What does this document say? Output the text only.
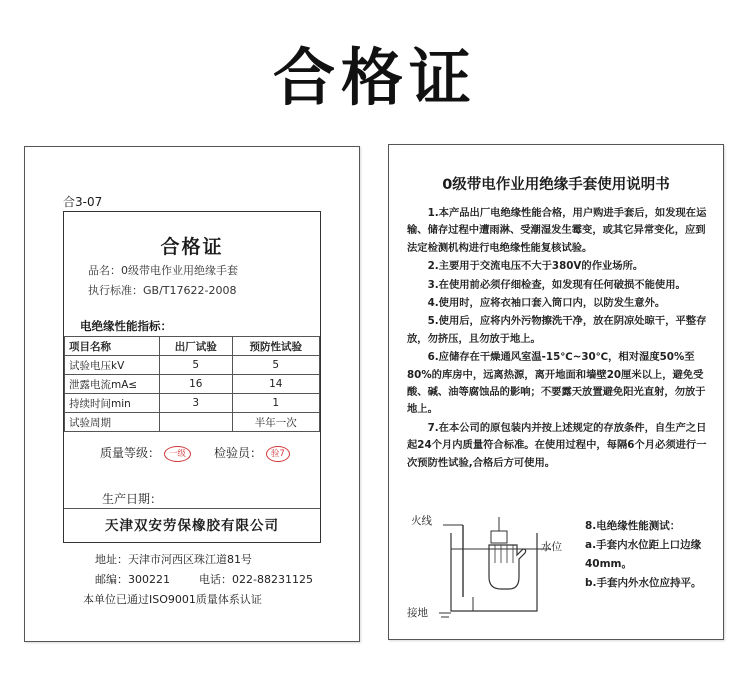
合格证
合3-07
合格证
品名：0级带电作业用绝缘手套
执行标准：GB/T17622-2008
电绝缘性能指标：
项目名称	出厂试验	预防性试验
试验电压kV	5	5
泄露电流mA≤	16	14
持续时间min	3	1
试验周期		半年一次
质量等级： 一级	检验员： 验7
生产日期：
天津双安劳保橡胶有限公司
地址：天津市河西区珠江道81号
邮编：300221	电话：022-88231125
本单位已通过ISO9001质量体系认证
0级带电作业用绝缘手套使用说明书

1.本产品出厂电绝缘性能合格，用户购进手套后，如发现在运输、储存过程中遭雨淋、受潮湿发生霉变，或其它异常变化，应到法定检测机构进行电绝缘性能复核试验。

2.主要用于交流电压不大于380V的作业场所。

3.在使用前必须仔细检查，如发现有任何破损不能使用。

4.使用时，应将衣袖口套入筒口内，以防发生意外。

5.使用后，应将内外污物擦洗干净，放在阴凉处晾干，平整存放，勿挤压，且勿放于地上。

6.应储存在干燥通风室温-15℃~30℃，相对湿度50%至80%的库房中，远离热源，离开地面和墙壁20厘米以上，避免受酸、碱、油等腐蚀品的影响；不要露天放置避免阳光直射，勿放于地上。

7.在本公司的原包装内并按上述规定的存放条件，自生产之日起24个月内质量符合标准。在使用过程中，每隔6个月必须进行一次预防性试验,合格后方可使用。

火线
水位
接地
8.电绝缘性能测试：
a.手套内水位距上口边缘40mm。
b.手套内外水位应持平。
